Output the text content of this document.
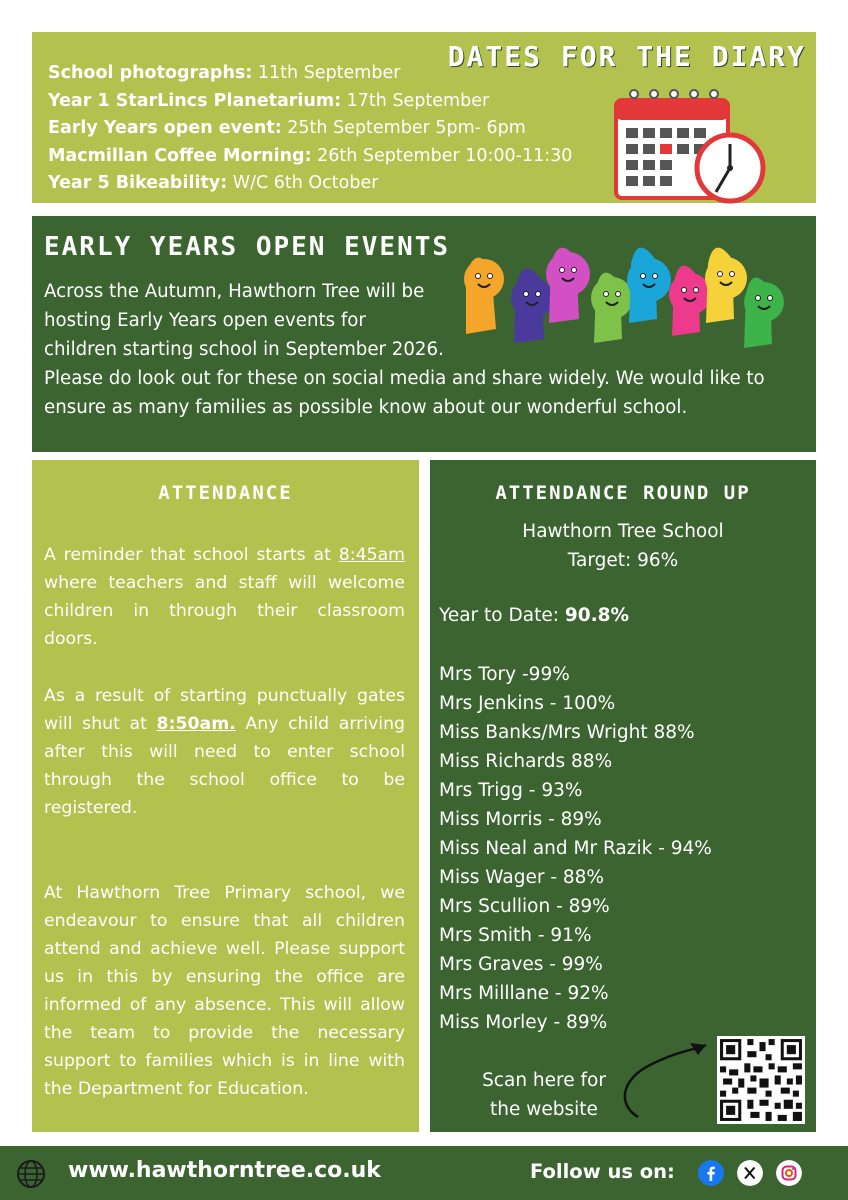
DATES FOR THE DIARY
School photographs: 11th September
Year 1 StarLincs Planetarium: 17th September
Early Years open event: 25th September 5pm- 6pm
Macmillan Coffee Morning: 26th September 10:00-11:30
Year 5 Bikeability: W/C 6th October
EARLY YEARS OPEN EVENTS
Across the Autumn, Hawthorn Tree will be
hosting Early Years open events for
children starting school in September 2026.
Please do look out for these on social media and share widely. We would like to ensure as many families as possible know about our wonderful school.
ATTENDANCE

A reminder that school starts at 8:45am where teachers and staff will welcome children in through their classroom doors.

As a result of starting punctually gates will shut at 8:50am. Any child arriving after this will need to enter school through the school office to be registered.

At Hawthorn Tree Primary school, we endeavour to ensure that all children attend and achieve well. Please support us in this by ensuring the office are informed of any absence. This will allow the team to provide the necessary support to families which is in line with the Department for Education.

ATTENDANCE ROUND UP
Hawthorn Tree School
Target: 96%
Year to Date: 90.8%
Mrs Tory -99%
Mrs Jenkins - 100%
Miss Banks/Mrs Wright 88%
Miss Richards 88%
Mrs Trigg - 93%
Miss Morris - 89%
Miss Neal and Mr Razik - 94%
Miss Wager - 88%
Mrs Scullion - 89%
Mrs Smith - 91%
Mrs Graves - 99%
Mrs Milllane - 92%
Miss Morley - 89%
Scan here for
the website
www.hawthorntree.co.uk	Follow us on:
